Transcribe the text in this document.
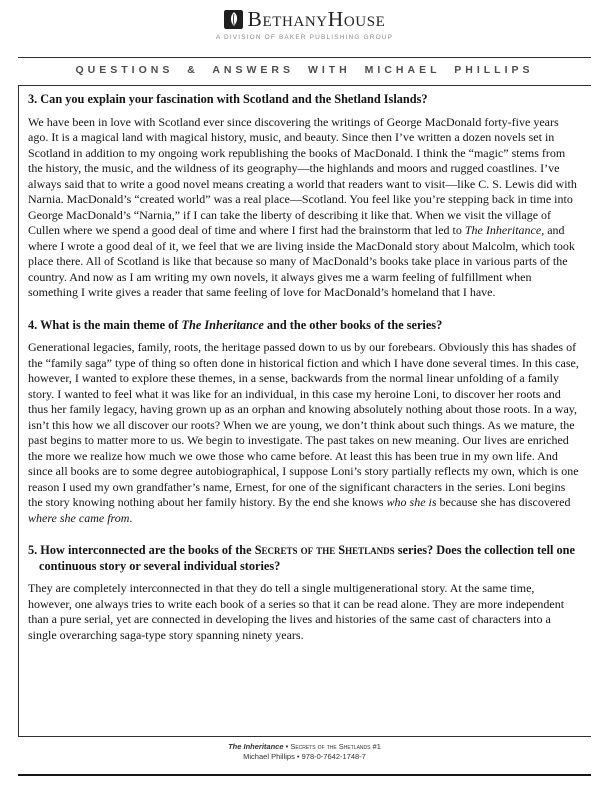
BethanyHouse
A DIVISION OF BAKER PUBLISHING GROUP
QUESTIONS & ANSWERS WITH MICHAEL PHILLIPS
3. Can you explain your fascination with Scotland and the Shetland Islands?

We have been in love with Scotland ever since discovering the writings of George MacDonald forty-five years ago. It is a magical land with magical history, music, and beauty. Since then I’ve written a dozen novels set in Scotland in addition to my ongoing work republishing the books of MacDonald. I think the “magic” stems from the history, the music, and the wildness of its geography—the highlands and moors and rugged coastlines. I’ve always said that to write a good novel means creating a world that readers want to visit—like C. S. Lewis did with Narnia. MacDonald’s “created world” was a real place—Scotland. You feel like you’re stepping back in time into George MacDonald’s “Narnia,” if I can take the liberty of describing it like that. When we visit the village of Cullen where we spend a good deal of time and where I first had the brainstorm that led to The Inheritance, and where I wrote a good deal of it, we feel that we are living inside the MacDonald story about Malcolm, which took place there. All of Scotland is like that because so many of MacDonald’s books take place in various parts of the country. And now as I am writing my own novels, it always gives me a warm feeling of fulfillment when something I write gives a reader that same feeling of love for MacDonald’s homeland that I have.

4. What is the main theme of The Inheritance and the other books of the series?

Generational legacies, family, roots, the heritage passed down to us by our forebears. Obviously this has shades of the “family saga” type of thing so often done in historical fiction and which I have done several times. In this case, however, I wanted to explore these themes, in a sense, backwards from the normal linear unfolding of a family story. I wanted to feel what it was like for an individual, in this case my heroine Loni, to discover her roots and thus her family legacy, having grown up as an orphan and knowing absolutely nothing about those roots. In a way, isn’t this how we all discover our roots? When we are young, we don’t think about such things. As we mature, the past begins to matter more to us. We begin to investigate. The past takes on new meaning. Our lives are enriched the more we realize how much we owe those who came before. At least this has been true in my own life. And since all books are to some degree autobiographical, I suppose Loni’s story partially reflects my own, which is one reason I used my own grandfather’s name, Ernest, for one of the significant characters in the series. Loni begins the story knowing nothing about her family history. By the end she knows who she is because she has discovered where she came from.

5. How interconnected are the books of the Secrets of the Shetlands series? Does the collection tell one continuous story or several individual stories?

They are completely interconnected in that they do tell a single multigenerational story. At the same time, however, one always tries to write each book of a series so that it can be read alone. They are more independent than a pure serial, yet are connected in developing the lives and histories of the same cast of characters into a single overarching saga-type story spanning ninety years.

The Inheritance • Secrets of the Shetlands #1
Michael Phillips • 978-0-7642-1748-7
